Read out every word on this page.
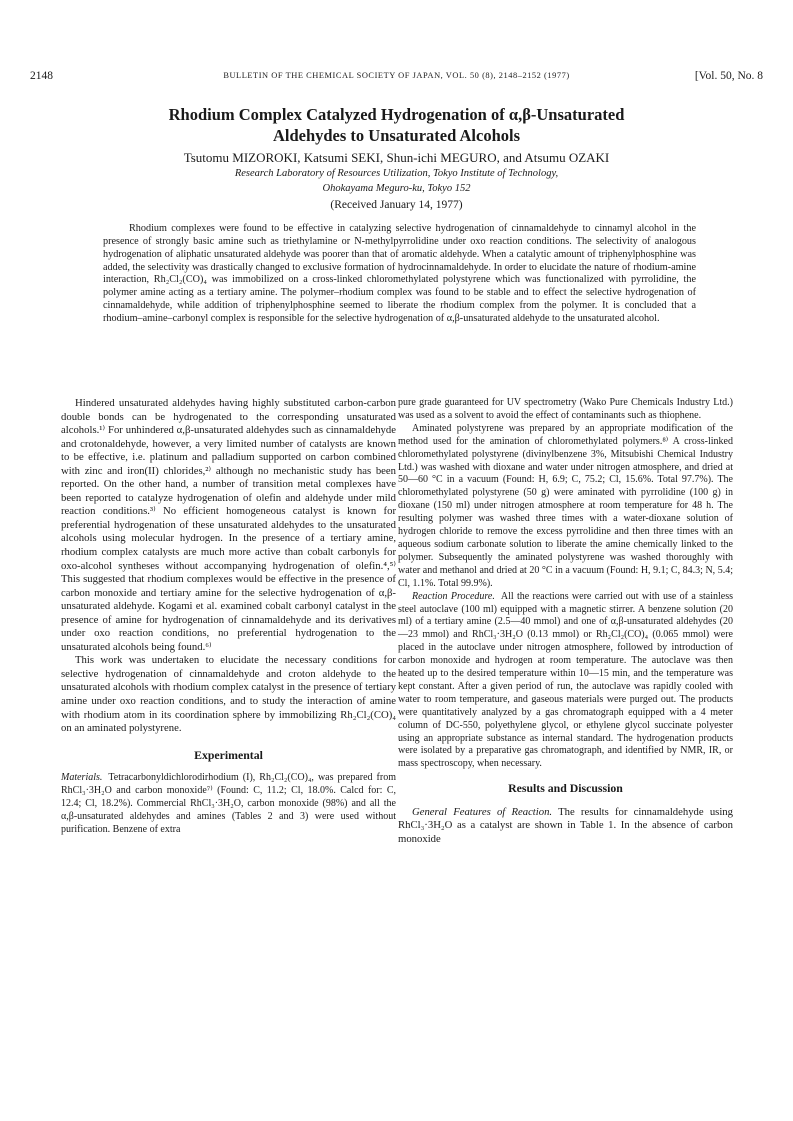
2148	BULLETIN OF THE CHEMICAL SOCIETY OF JAPAN, VOL. 50 (8), 2148–2152 (1977)	[Vol. 50, No. 8
Rhodium Complex Catalyzed Hydrogenation of α,β-Unsaturated
Aldehydes to Unsaturated Alcohols
Tsutomu MIZOROKI, Katsumi SEKI, Shun-ichi MEGURO, and Atsumu OZAKI
Research Laboratory of Resources Utilization, Tokyo Institute of Technology,
Ohokayama Meguro-ku, Tokyo 152
(Received January 14, 1977)

Rhodium complexes were found to be effective in catalyzing selective hydrogenation of cinnamaldehyde to cinnamyl alcohol in the presence of strongly basic amine such as triethylamine or N-methylpyrrolidine under oxo reaction conditions. The selectivity of analogous hydrogenation of aliphatic unsaturated aldehyde was poorer than that of aromatic aldehyde. When a catalytic amount of triphenylphosphine was added, the selectivity was drastically changed to exclusive formation of hydrocinnamaldehyde. In order to elucidate the nature of rhodium-amine interaction, Rh₂Cl₂(CO)₄ was immobilized on a cross-linked chloromethylated polystyrene which was functionalized with pyrrolidine, the polymer amine acting as a tertiary amine. The polymer–rhodium complex was found to be stable and to effect the selective hydrogenation of cinnamaldehyde, while addition of triphenylphosphine seemed to liberate the rhodium complex from the polymer. It is concluded that a rhodium–amine–carbonyl complex is responsible for the selective hydrogenation of α,β-unsaturated aldehyde to the unsaturated alcohol.

Hindered unsaturated aldehydes having highly substituted carbon-carbon double bonds can be hydrogenated to the corresponding unsaturated alcohols.¹⁾ For unhindered α,β-unsaturated aldehydes such as cinnamaldehyde and crotonaldehyde, however, a very limited number of catalysts are known to be effective, i.e. platinum and palladium supported on carbon combined with zinc and iron(II) chlorides,²⁾ although no mechanistic study has been reported. On the other hand, a number of transition metal complexes have been reported to catalyze hydrogenation of olefin and aldehyde under mild reaction conditions.³⁾ No efficient homogeneous catalyst is known for preferential hydrogenation of these unsaturated aldehydes to the unsaturated alcohols using molecular hydrogen. In the presence of a tertiary amine, rhodium complex catalysts are much more active than cobalt carbonyls for oxo-alcohol syntheses without accompanying hydrogenation of olefin.⁴,⁵⁾ This suggested that rhodium complexes would be effective in the presence of carbon monoxide and tertiary amine for the selective hydrogenation of α,β-unsaturated aldehyde. Kogami et al. examined cobalt carbonyl catalyst in the presence of amine for hydrogenation of cinnamaldehyde and its derivatives under oxo reaction conditions, no preferential hydrogenation to the unsaturated alcohols being found.⁶⁾

This work was undertaken to elucidate the necessary conditions for selective hydrogenation of cinnamaldehyde and croton aldehyde to the unsaturated alcohols with rhodium complex catalyst in the presence of tertiary amine under oxo reaction conditions, and to study the interaction of amine with rhodium atom in its coordination sphere by immobilizing Rh₂Cl₂(CO)₄ on an aminated polystyrene.

Experimental

Materials. Tetracarbonyldichlorodirhodium (I), Rh₂Cl₂(CO)₄, was prepared from RhCl₃·3H₂O and carbon monoxide⁷⁾ (Found: C, 11.2; Cl, 18.0%. Calcd for: C, 12.4; Cl, 18.2%). Commercial RhCl₃·3H₂O, carbon monoxide (98%) and all the α,β-unsaturated aldehydes and amines (Tables 2 and 3) were used without purification. Benzene of extra

pure grade guaranteed for UV spectrometry (Wako Pure Chemicals Industry Ltd.) was used as a solvent to avoid the effect of contaminants such as thiophene.

Aminated polystyrene was prepared by an appropriate modification of the method used for the amination of chloromethylated polymers.⁸⁾ A cross-linked chloromethylated polystyrene (divinylbenzene 3%, Mitsubishi Chemical Industry Ltd.) was washed with dioxane and water under nitrogen atmosphere, and dried at 50—60 °C in a vacuum (Found: H, 6.9; C, 75.2; Cl, 15.6%. Total 97.7%). The chloromethylated polystyrene (50 g) were aminated with pyrrolidine (100 g) in dioxane (150 ml) under nitrogen atmosphere at room temperature for 48 h. The resulting polymer was washed three times with a water-dioxane solution of hydrogen chloride to remove the excess pyrrolidine and then three times with an aqueous sodium carbonate solution to liberate the amine chemically linked to the polymer. Subsequently the aminated polystyrene was washed thoroughly with water and methanol and dried at 20 °C in a vacuum (Found: H, 9.1; C, 84.3; N, 5.4; Cl, 1.1%. Total 99.9%).

Reaction Procedure. All the reactions were carried out with use of a stainless steel autoclave (100 ml) equipped with a magnetic stirrer. A benzene solution (20 ml) of a tertiary amine (2.5—40 mmol) and one of α,β-unsaturated aldehydes (20—23 mmol) and RhCl₃·3H₂O (0.13 mmol) or Rh₂Cl₂(CO)₄ (0.065 mmol) were placed in the autoclave under nitrogen atmosphere, followed by introduction of carbon monoxide and hydrogen at room temperature. The autoclave was then heated up to the desired temperature within 10—15 min, and the temperature was kept constant. After a given period of run, the autoclave was rapidly cooled with water to room temperature, and gaseous materials were purged out. The products were quantitatively analyzed by a gas chromatograph equipped with a 4 meter column of DC-550, polyethylene glycol, or ethylene glycol succinate polyester using an appropriate substance as internal standard. The hydrogenation products were isolated by a preparative gas chromatograph, and identified by NMR, IR, or mass spectroscopy, when necessary.

Results and Discussion

General Features of Reaction. The results for cinnamaldehyde using RhCl₃·3H₂O as a catalyst are shown in Table 1. In the absence of carbon monoxide
